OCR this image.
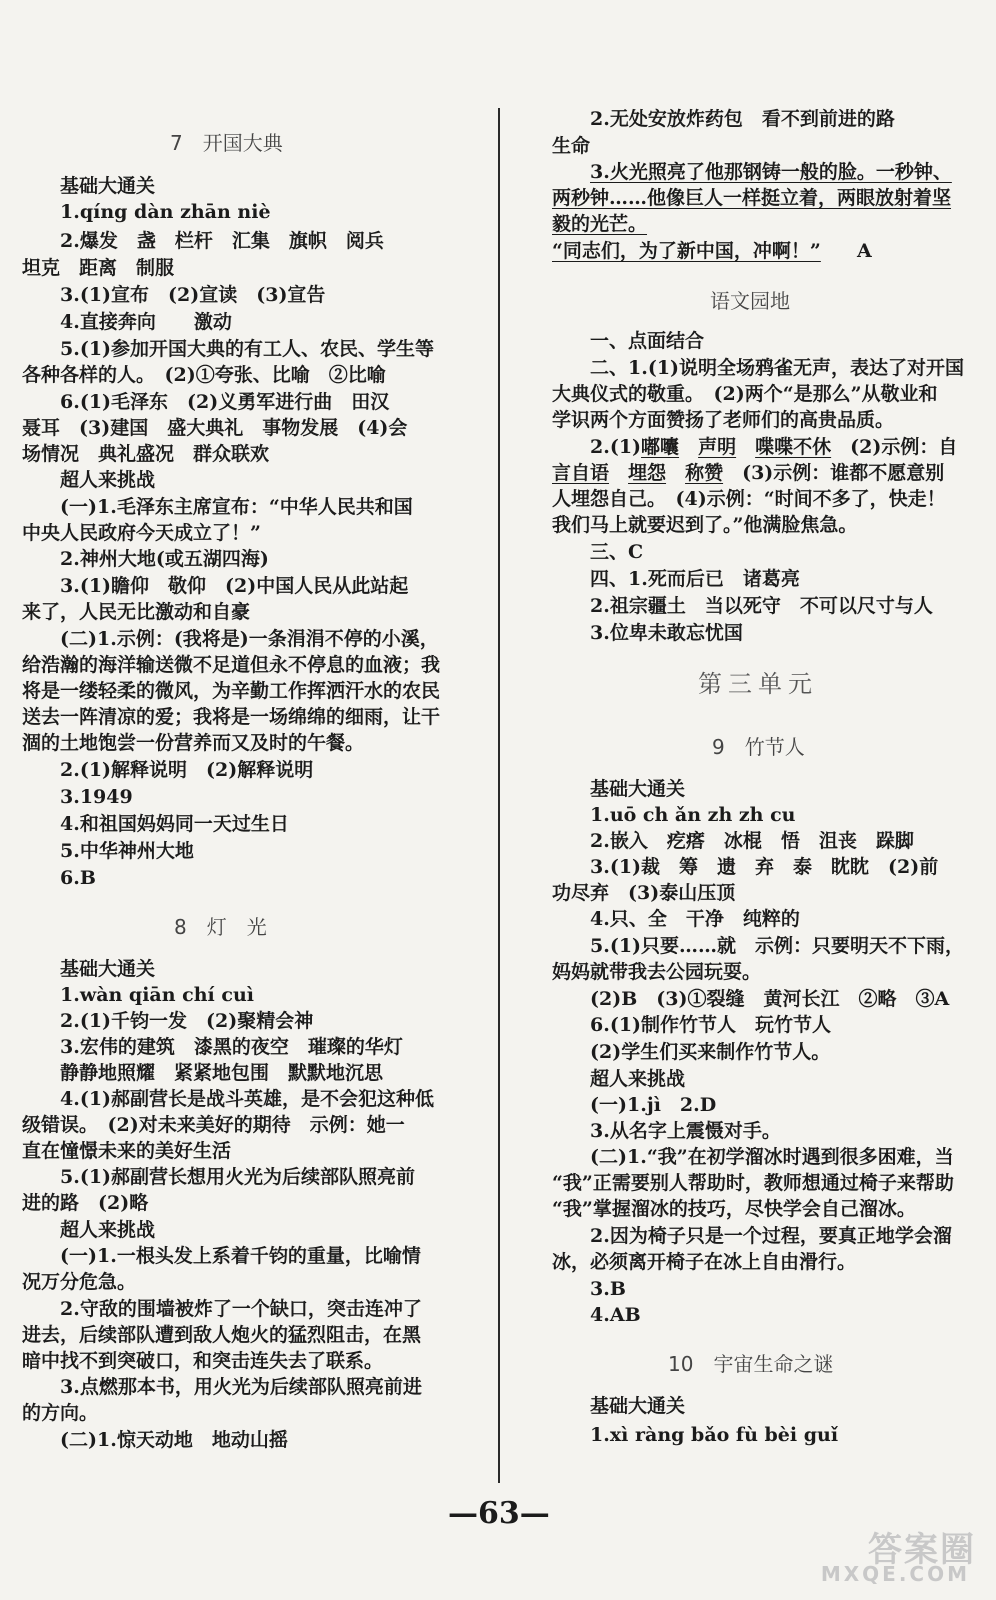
7　开国大典
基础大通关
1.qíng dàn zhān niè
2.爆发　盏　栏杆　汇集　旗帜　阅兵
坦克　距离　制服
3.(1)宣布　(2)宣读　(3)宣告
4.直接奔向　　激动
5.(1)参加开国大典的有工人、农民、学生等
各种各样的人。　(2)①夸张、比喻　②比喻
6.(1)毛泽东　(2)义勇军进行曲　田汉
聂耳　(3)建国　盛大典礼　事物发展　(4)会
场情况　典礼盛况　群众联欢
超人来挑战
(一)1.毛泽东主席宣布：“中华人民共和国
中央人民政府今天成立了！”
2.神州大地(或五湖四海)
3.(1)瞻仰　敬仰　(2)中国人民从此站起
来了，人民无比激动和自豪
(二)1.示例：(我将是)一条涓涓不停的小溪，
给浩瀚的海洋输送微不足道但永不停息的血液；我
将是一缕轻柔的微风，为辛勤工作挥洒汗水的农民
送去一阵清凉的爱；我将是一场绵绵的细雨，让干
涸的土地饱尝一份营养而又及时的午餐。
2.(1)解释说明　(2)解释说明
3.1949
4.和祖国妈妈同一天过生日
5.中华神州大地
6.B
8　灯　光
基础大通关
1.wàn qiān chí cuì
2.(1)千钧一发　(2)聚精会神
3.宏伟的建筑　漆黑的夜空　璀璨的华灯
静静地照耀　紧紧地包围　默默地沉思
4.(1)郝副营长是战斗英雄，是不会犯这种低
级错误。　(2)对未来美好的期待　示例：她一
直在憧憬未来的美好生活
5.(1)郝副营长想用火光为后续部队照亮前
进的路　(2)略
超人来挑战
(一)1.一根头发上系着千钧的重量，比喻情
况万分危急。
2.守敌的围墙被炸了一个缺口，突击连冲了
进去，后续部队遭到敌人炮火的猛烈阻击，在黑
暗中找不到突破口，和突击连失去了联系。
3.点燃那本书，用火光为后续部队照亮前进
的方向。
(二)1.惊天动地　地动山摇
2.无处安放炸药包　看不到前进的路
生命
3.火光照亮了他那钢铸一般的脸。一秒钟、
两秒钟……他像巨人一样挺立着，两眼放射着坚
毅的光芒。
“同志们，为了新中国，冲啊！” A
语文园地
一、点面结合
二、1.(1)说明全场鸦雀无声，表达了对开国
大典仪式的敬重。　(2)两个“是那么”从敬业和
学识两个方面赞扬了老师们的高贵品质。
2.(1)嘟囔　 声明　 喋喋不休　 (2)示例：自
言自语　 埋怨　 称赞　 (3)示例：谁都不愿意别
人埋怨自己。　(4)示例：“时间不多了，快走！
我们马上就要迟到了。”他满脸焦急。
三、C
四、1.死而后已　诸葛亮
2.祖宗疆土　当以死守　不可以尺寸与人
3.位卑未敢忘忧国
第三单元
9　竹节人
基础大通关
1.uō ch ǎn zh zh cu
2.嵌入　疙瘩　冰棍　悟　沮丧　跺脚
3.(1)裁　筹　遗　弃　泰　眈眈　(2)前
功尽弃　(3)泰山压顶
4.只、全　干净　纯粹的
5.(1)只要……就　示例：只要明天不下雨，
妈妈就带我去公园玩耍。
(2)B　(3)①裂缝　黄河长江　②略　③A
6.(1)制作竹节人　玩竹节人
(2)学生们买来制作竹节人。
超人来挑战
(一)1.jì　2.D
3.从名字上震慑对手。
(二)1.“我”在初学溜冰时遇到很多困难，当
“我”正需要别人帮助时，教师想通过椅子来帮助
“我”掌握溜冰的技巧，尽快学会自己溜冰。
2.因为椅子只是一个过程，要真正地学会溜
冰，必须离开椅子在冰上自由滑行。
3.B
4.AB
10　宇宙生命之谜
基础大通关
1.xì ràng bǎo fù bèi guǐ
—63—
答案圈
MXQE.COM
